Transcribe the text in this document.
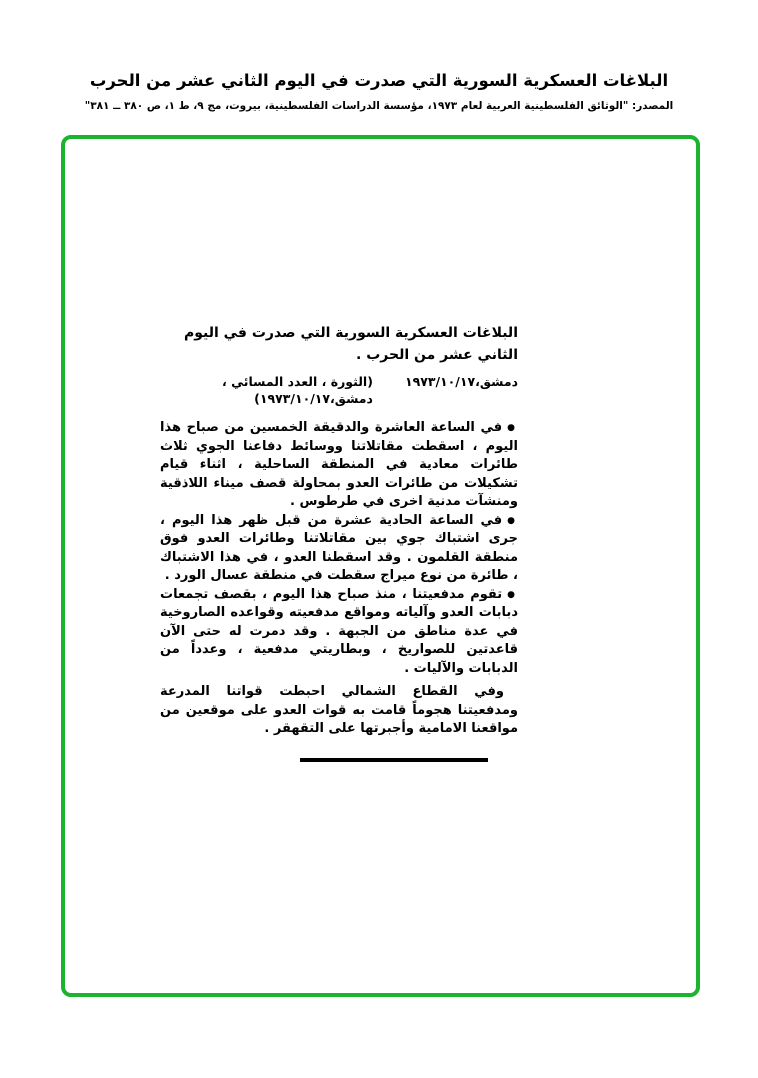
البلاغات العسكرية السورية التي صدرت في اليوم الثاني عشر من الحرب
المصدر: "الوثائق الفلسطينية العربية لعام ١٩٧٣، مؤسسة الدراسات الفلسطينية، بيروت، مج ٩، ط ١، ص ٣٨٠ ــ ٣٨١"
البلاغات العسكرية السورية التي صدرت في اليوم الثاني عشر من الحرب .
دمشق،١٩٧٣/١٠/١٧
(الثورة ، العدد المسائي ،
دمشق،١٩٧٣/١٠/١٧)

●في الساعة العاشرة والدقيقة الخمسين من صباح هذا اليوم ، اسقطت مقاتلاتنا ووسائط دفاعنا الجوي ثلاث طائرات معادية في المنطقة الساحلية ، اثناء قيام تشكيلات من طائرات العدو بمحاولة قصف ميناء اللاذقية ومنشآت مدنية اخرى في طرطوس .

●في الساعة الحادية عشرة من قبل ظهر هذا اليوم ، جرى اشتباك جوي بين مقاتلاتنا وطائرات العدو فوق منطقة القلمون . وقد اسقطنا العدو ، في هذا الاشتباك ، طائرة من نوع ميراج سقطت في منطقة عسال الورد .

●تقوم مدفعيتنا ، منذ صباح هذا اليوم ، بقصف تجمعات دبابات العدو وآلياته ومواقع مدفعيته وقواعده الصاروخية في عدة مناطق من الجبهة . وقد دمرت له حتى الآن قاعدتين للصواريخ ، وبطاريتي مدفعية ، وعدداً من الدبابات والآليات .

وفي القطاع الشمالي احبطت قواتنا المدرعة ومدفعيتنا هجوماً قامت به قوات العدو على موقعين من مواقعنا الامامية وأجبرتها على التقهقر .
